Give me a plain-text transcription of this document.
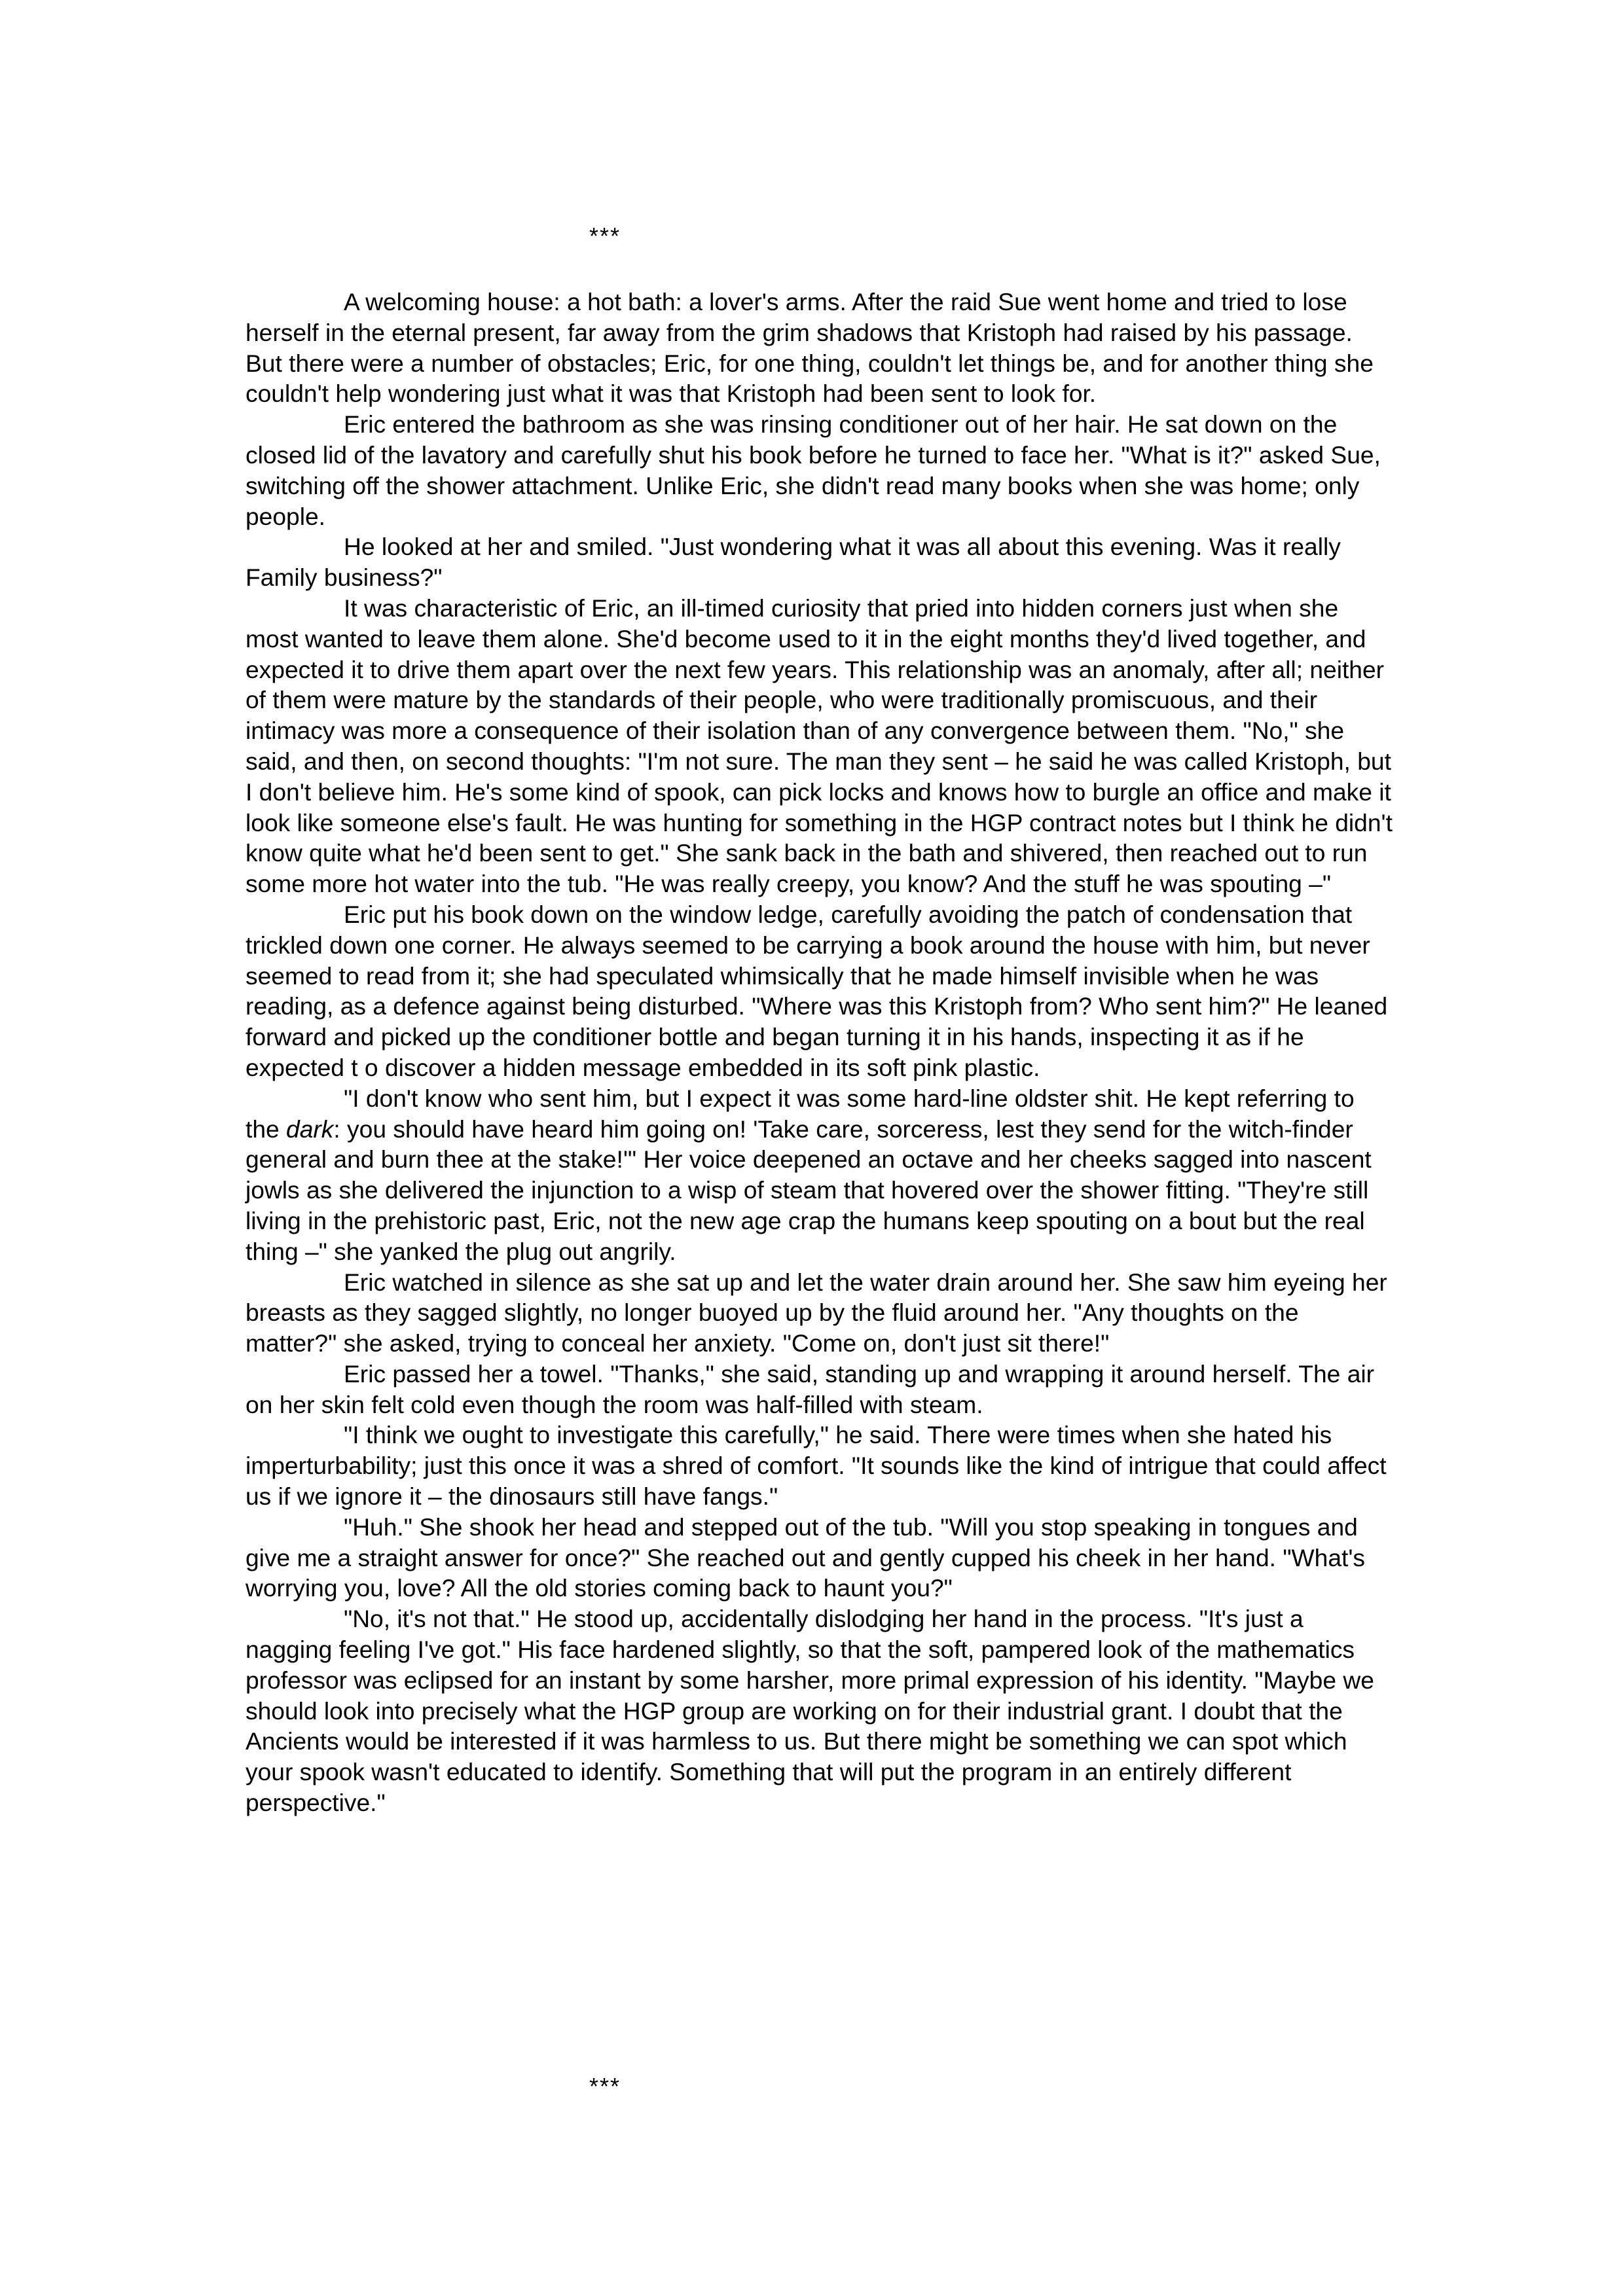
***

A welcoming house: a hot bath: a lover's arms. After the raid Sue went home and tried to lose herself in the eternal present, far away from the grim shadows that Kristoph had raised by his passage. But there were a number of obstacles; Eric, for one thing, couldn't let things be, and for another thing she couldn't help wondering just what it was that Kristoph had been sent to look for.

Eric entered the bathroom as she was rinsing conditioner out of her hair. He sat down on the closed lid of the lavatory and carefully shut his book before he turned to face her. "What is it?" asked Sue, switching off the shower attachment. Unlike Eric, she didn't read many books when she was home; only people.

He looked at her and smiled. "Just wondering what it was all about this evening. Was it really Family business?"

It was characteristic of Eric, an ill-timed curiosity that pried into hidden corners just when she most wanted to leave them alone. She'd become used to it in the eight months they'd lived together, and expected it to drive them apart over the next few years. This relationship was an anomaly, after all; neither of them were mature by the standards of their people, who were traditionally promiscuous, and their intimacy was more a consequence of their isolation than of any convergence between them. "No," she said, and then, on second thoughts: "I'm not sure. The man they sent – he said he was called Kristoph, but I don't believe him. He's some kind of spook, can pick locks and knows how to burgle an office and make it look like someone else's fault. He was hunting for something in the HGP contract notes but I think he didn't know quite what he'd been sent to get." She sank back in the bath and shivered, then reached out to run some more hot water into the tub. "He was really creepy, you know? And the stuff he was spouting –"

Eric put his book down on the window ledge, carefully avoiding the patch of condensation that trickled down one corner. He always seemed to be carrying a book around the house with him, but never seemed to read from it; she had speculated whimsically that he made himself invisible when he was reading, as a defence against being disturbed. "Where was this Kristoph from? Who sent him?" He leaned forward and picked up the conditioner bottle and began turning it in his hands, inspecting it as if he expected t o discover a hidden message embedded in its soft pink plastic.

"I don't know who sent him, but I expect it was some hard-line oldster shit. He kept referring to the dark: you should have heard him going on! 'Take care, sorceress, lest they send for the witch-finder general and burn thee at the stake!'" Her voice deepened an octave and her cheeks sagged into nascent jowls as she delivered the injunction to a wisp of steam that hovered over the shower fitting. "They're still living in the prehistoric past, Eric, not the new age crap the humans keep spouting on a bout but the real thing –" she yanked the plug out angrily.

Eric watched in silence as she sat up and let the water drain around her. She saw him eyeing her breasts as they sagged slightly, no longer buoyed up by the fluid around her. "Any thoughts on the matter?" she asked, trying to conceal her anxiety. "Come on, don't just sit there!"

Eric passed her a towel. "Thanks," she said, standing up and wrapping it around herself. The air on her skin felt cold even though the room was half-filled with steam.

"I think we ought to investigate this carefully," he said. There were times when she hated his imperturbability; just this once it was a shred of comfort. "It sounds like the kind of intrigue that could affect us if we ignore it – the dinosaurs still have fangs."

"Huh." She shook her head and stepped out of the tub. "Will you stop speaking in tongues and give me a straight answer for once?" She reached out and gently cupped his cheek in her hand. "What's worrying you, love? All the old stories coming back to haunt you?"

"No, it's not that." He stood up, accidentally dislodging her hand in the process. "It's just a nagging feeling I've got." His face hardened slightly, so that the soft, pampered look of the mathematics professor was eclipsed for an instant by some harsher, more primal expression of his identity. "Maybe we should look into precisely what the HGP group are working on for their industrial grant. I doubt that the Ancients would be interested if it was harmless to us. But there might be something we can spot which your spook wasn't educated to identify. Something that will put the program in an entirely different perspective."

***
